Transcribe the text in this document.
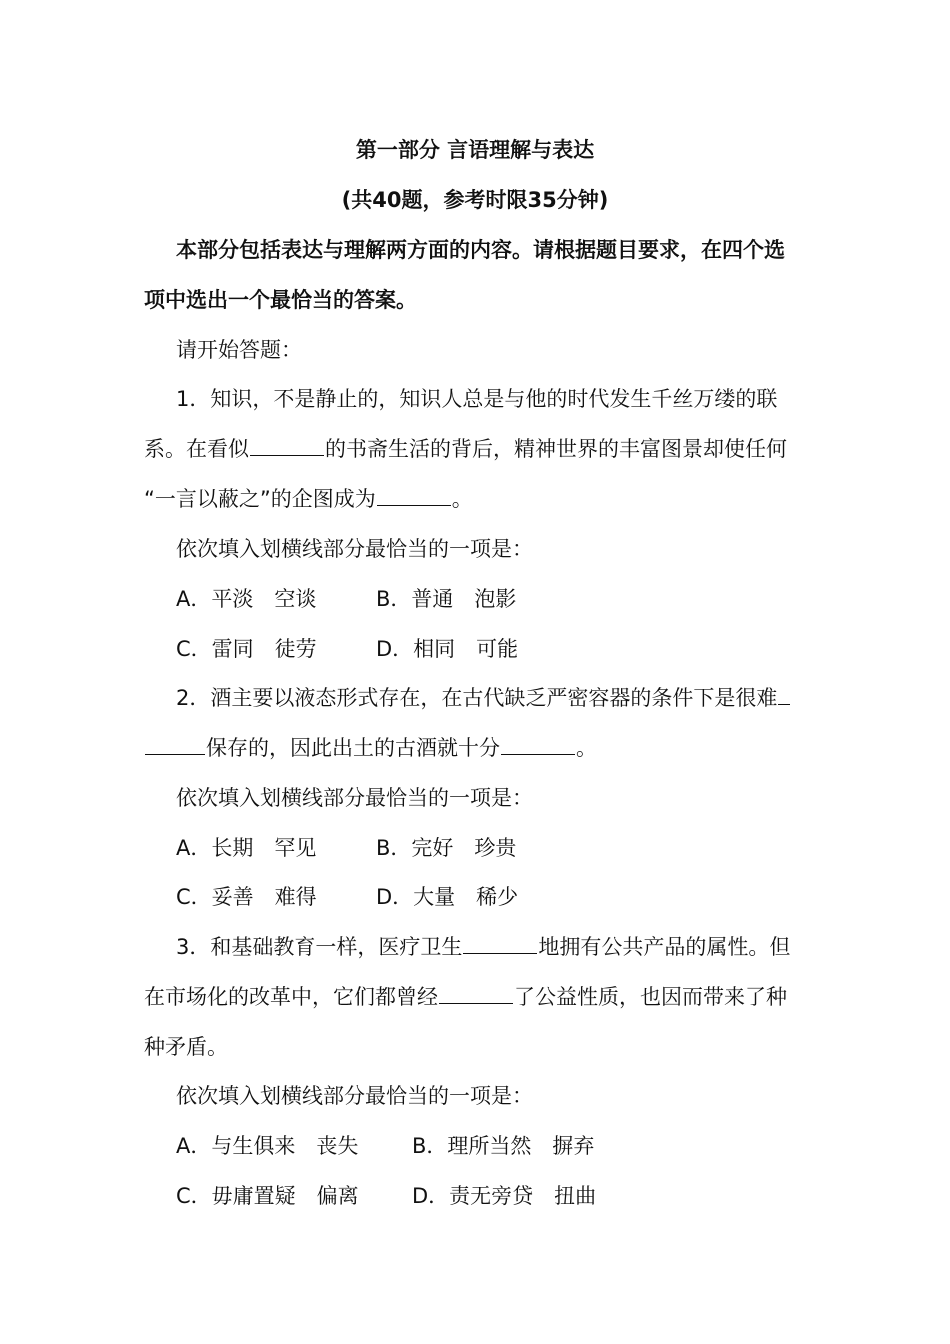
第一部分 言语理解与表达
(共40题，参考时限35分钟)
本部分包括表达与理解两方面的内容。请根据题目要求，在四个选
项中选出一个最恰当的答案。
请开始答题：
1．知识，不是静止的，知识人总是与他的时代发生千丝万缕的联
系。在看似	的书斋生活的背后，精神世界的丰富图景却使任何
“一言以蔽之”的企图成为	。
依次填入划横线部分最恰当的一项是：
A．平淡　空谈	B．普通　泡影
C．雷同　徒劳	D．相同　可能
2．酒主要以液态形式存在，在古代缺乏严密容器的条件下是很难
保存的，因此出土的古酒就十分	。
依次填入划横线部分最恰当的一项是：
A．长期　罕见	B．完好　珍贵
C．妥善　难得	D．大量　稀少
3．和基础教育一样，医疗卫生	地拥有公共产品的属性。但
在市场化的改革中，它们都曾经	了公益性质，也因而带来了种
种矛盾。
依次填入划横线部分最恰当的一项是：
A．与生俱来　丧失	B．理所当然　摒弃
C．毋庸置疑　偏离	D．责无旁贷　扭曲
